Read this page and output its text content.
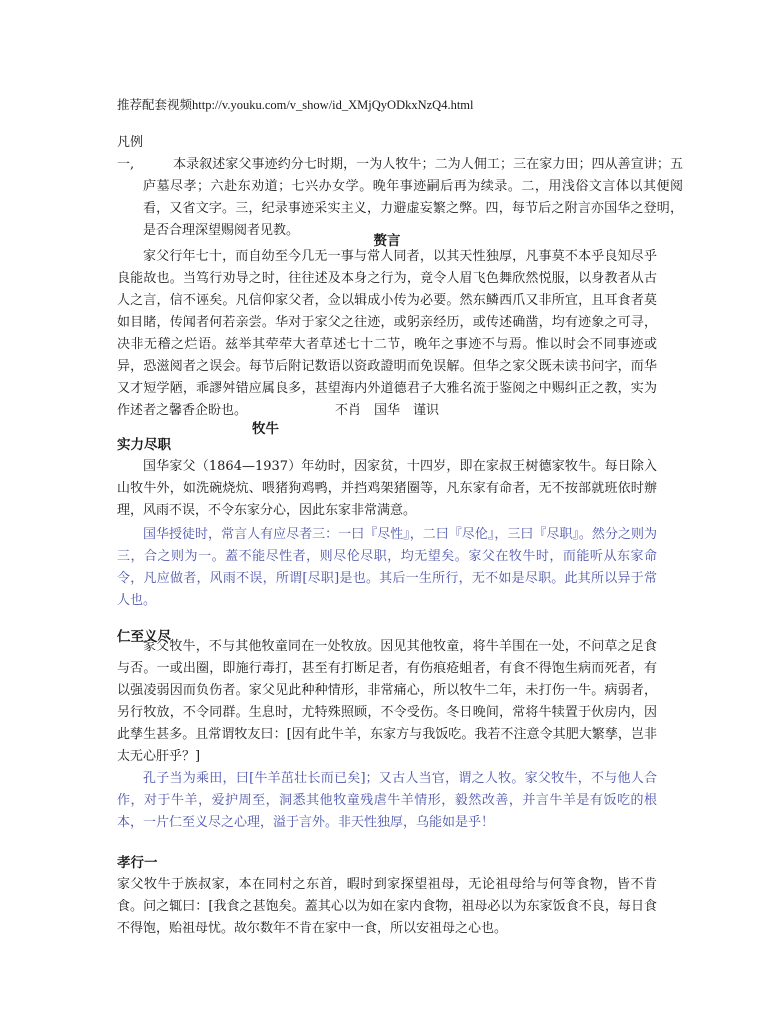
推荐配套视频http://v.youku.com/v_show/id_XMjQyODkxNzQ4.html
凡例
一,	本录叙述家父事迹约分七时期，一为人牧牛；二为人佣工；三在家力田；四从善宣讲；五庐墓尽孝；六赴东劝道；七兴办女学。晚年事迹嗣后再为续录。二，用浅俗文言体以其便阅看，又省文字。三，纪录事迹采实主义，力避虚妄繁之弊。四，每节后之附言亦国华之登明，是否合理深望赐阅者见教。
赘言
家父行年七十，而自幼至今几无一事与常人同者，以其天性独厚，凡事莫不本乎良知尽乎良能故也。当笃行劝导之时，往往述及本身之行为，竟令人眉飞色舞欣然悦服，以身教者从古人之言，信不诬矣。凡信仰家父者，佥以辑成小传为必要。然东鳞西爪又非所宜，且耳食者莫如目睹，传闻者何若亲尝。华对于家父之往迹，或躬亲经历，或传述确凿，均有迹象之可寻，决非无稽之烂语。兹举其荦荦大者草述七十二节，晚年之事迹不与焉。惟以时会不同事迹或异，恐滋阅者之误会。每节后附记数语以资政證明而免误解。但华之家父既未读书问字，而华又才短学陋，乖謬舛错应属良多，甚望海内外道德君子大雅名流于鉴阅之中赐纠正之教，实为作述者之馨香企盼也。	不肖　国华　谨识
牧牛
实力尽职
国华家父（1864—1937）年幼时，因家贫，十四岁，即在家叔王树德家牧牛。每日除入山牧牛外，如洗碗烧炕、喂猪狗鸡鸭，并挡鸡架猪圈等，凡东家有命者，无不按部就班依时辦理，风雨不误，不令东家分心，因此东家非常满意。
国华授徒时，常言人有应尽者三：一曰『尽性』，二曰『尽伦』，三曰『尽职』。然分之则为三，合之则为一。蓋不能尽性者，则尽伦尽职，均无望矣。家父在牧牛时，而能听从东家命令，凡应做者，风雨不误，所谓[尽职]是也。其后一生所行，无不如是尽职。此其所以异于常人也。
仁至义尽
家父牧牛，不与其他牧童同在一处牧放。因见其他牧童，将牛羊围在一处，不问草之足食与否。一或出圈，即施行毒打，甚至有打断足者，有伤痕疮蛆者，有食不得饱生病而死者，有以强凌弱因而负伤者。家父见此种种情形，非常痛心，所以牧牛二年，未打伤一牛。病弱者，另行牧放，不令同群。生息时，尤特殊照顾，不令受伤。冬日晚间，常将牛犊置于伙房内，因此孳生甚多。且常谓牧友曰：[因有此牛羊，东家方与我饭吃。我若不注意令其肥大繁孳，岂非太无心肝乎？]
孔子当为乘田，曰[牛羊茁壮长而已矣]；又古人当官，谓之人牧。家父牧牛，不与他人合作，对于牛羊，爱护周至，洞悉其他牧童残虐牛羊情形，毅然改善，并言牛羊是有饭吃的根本，一片仁至义尽之心理，溢于言外。非天性独厚，乌能如是乎！
孝行一
家父牧牛于族叔家，本在同村之东首，暇时到家探望祖母，无论祖母给与何等食物，皆不肯食。问之辄曰：[我食之甚饱矣。蓋其心以为如在家内食物，祖母必以为东家饭食不良，每日食不得饱，贻祖母忧。故尔数年不肯在家中一食，所以安祖母之心也。
